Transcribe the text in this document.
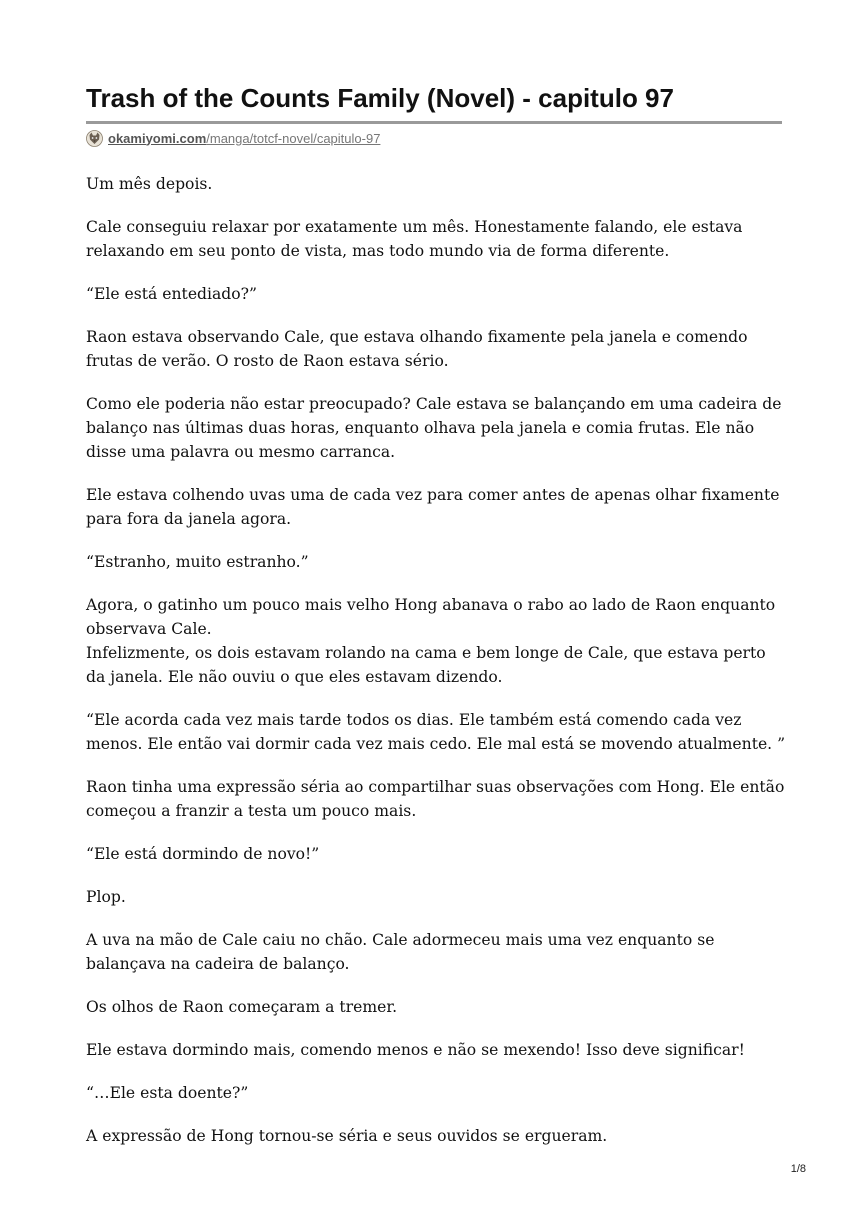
Trash of the Counts Family (Novel) - capitulo 97
okamiyomi.com /manga/totcf-novel/capitulo-97

Um mês depois.

Cale conseguiu relaxar por exatamente um mês. Honestamente falando, ele estava relaxando em seu ponto de vista, mas todo mundo via de forma diferente.

“Ele está entediado?”

Raon estava observando Cale, que estava olhando fixamente pela janela e comendo frutas de verão. O rosto de Raon estava sério.

Como ele poderia não estar preocupado? Cale estava se balançando em uma cadeira de balanço nas últimas duas horas, enquanto olhava pela janela e comia frutas. Ele não disse uma palavra ou mesmo carranca.

Ele estava colhendo uvas uma de cada vez para comer antes de apenas olhar fixamente para fora da janela agora.

“Estranho, muito estranho.”

Agora, o gatinho um pouco mais velho Hong abanava o rabo ao lado de Raon enquanto observava Cale.
Infelizmente, os dois estavam rolando na cama e bem longe de Cale, que estava perto da janela. Ele não ouviu o que eles estavam dizendo.

“Ele acorda cada vez mais tarde todos os dias. Ele também está comendo cada vez menos. Ele então vai dormir cada vez mais cedo. Ele mal está se movendo atualmente. ”

Raon tinha uma expressão séria ao compartilhar suas observações com Hong. Ele então começou a franzir a testa um pouco mais.

“Ele está dormindo de novo!”

Plop.

A uva na mão de Cale caiu no chão. Cale adormeceu mais uma vez enquanto se balançava na cadeira de balanço.

Os olhos de Raon começaram a tremer.

Ele estava dormindo mais, comendo menos e não se mexendo! Isso deve significar!

“…Ele esta doente?”

A expressão de Hong tornou-se séria e seus ouvidos se ergueram.

1/8
